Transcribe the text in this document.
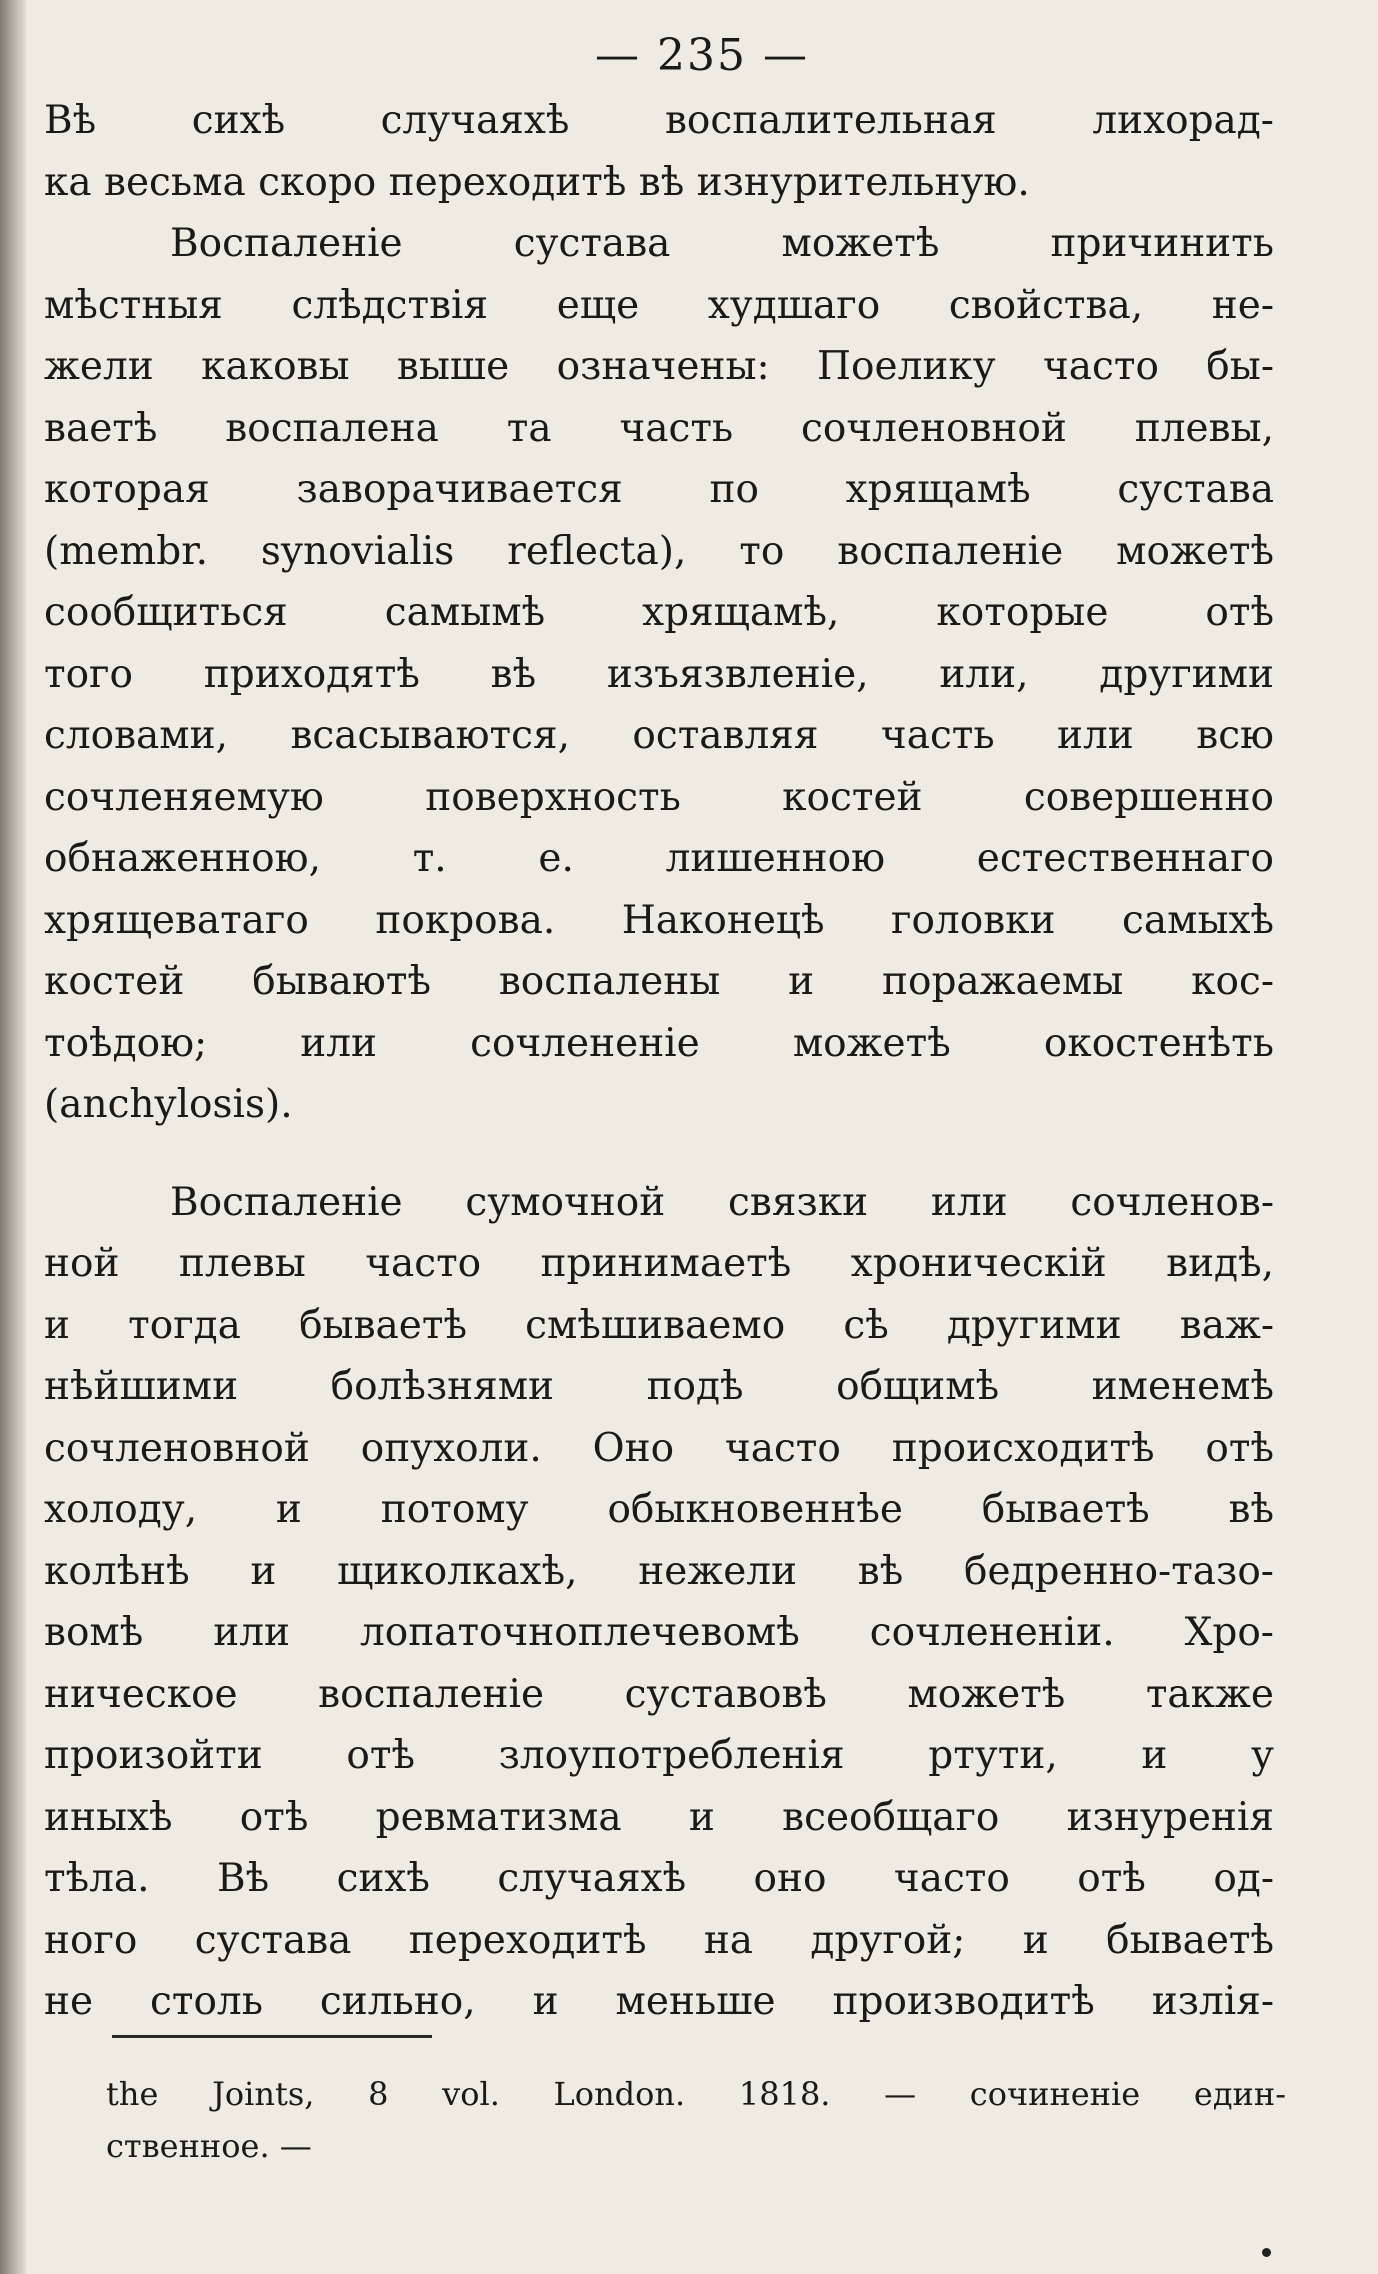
— 235 —
Вѣ сихѣ случаяхѣ воспалительная лихорад-
ка весьма скоро переходитѣ вѣ изнурительную.
Воспаленіе сустава можетѣ причинить
мѣстныя слѣдствія еще худшаго свойства, не-
жели каковы выше означены: Поелику часто бы-
ваетѣ воспалена та часть сочленовной плевы,
которая заворачивается по хрящамѣ сустава
(membr. synovialis reflecta), то воспаленіе можетѣ
сообщиться самымѣ хрящамѣ, которые отѣ
того приходятѣ вѣ изъязвленіе, или, другими
словами, всасываются, оставляя часть или всю
сочленяемую поверхность костей совершенно
обнаженною, т. е. лишенною естественнаго
хрящеватаго покрова. Наконецѣ головки самыхѣ
костей бываютѣ воспалены и поражаемы кос-
тоѣдою; или сочлененіе можетѣ окостенѣть
(anchylosis).
Воспаленіе сумочной связки или сочленов-
ной плевы часто принимаетѣ хроническій видѣ,
и тогда бываетѣ смѣшиваемо сѣ другими важ-
нѣйшими болѣзнями подѣ общимѣ именемѣ
сочленовной опухоли. Оно часто происходитѣ отѣ
холоду, и потому обыкновеннѣе бываетѣ вѣ
колѣнѣ и щиколкахѣ, нежели вѣ бедренно-тазо-
вомѣ или лопаточноплечевомѣ сочлененіи. Хро-
ническое воспаленіе суставовѣ можетѣ также
произойти отѣ злоупотребленія ртути, и у
иныхѣ отѣ ревматизма и всеобщаго изнуренія
тѣла. Вѣ сихѣ случаяхѣ оно часто отѣ од-
ного сустава переходитѣ на другой; и бываетѣ
не столь сильно, и меньше производитѣ излія-
the Joints, 8 vol. London. 1818. — сочиненіе един-
ственное. —
